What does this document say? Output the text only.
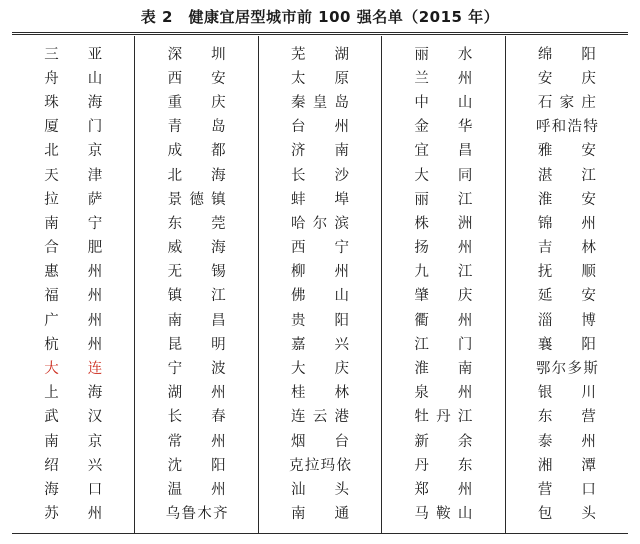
表 2　健康宜居型城市前 100 强名单（2015 年）
三亚
舟山
珠海
厦门
北京
天津
拉萨
南宁
合肥
惠州
福州
广州
杭州
大连
上海
武汉
南京
绍兴
海口
苏州
深圳
西安
重庆
青岛
成都
北海
景德镇
东莞
威海
无锡
镇江
南昌
昆明
宁波
湖州
长春
常州
沈阳
温州
乌鲁木齐
芜湖
太原
秦皇岛
台州
济南
长沙
蚌埠
哈尔滨
西宁
柳州
佛山
贵阳
嘉兴
大庆
桂林
连云港
烟台
克拉玛依
汕头
南通
丽水
兰州
中山
金华
宜昌
大同
丽江
株洲
扬州
九江
肇庆
衢州
江门
淮南
泉州
牡丹江
新余
丹东
郑州
马鞍山
绵阳
安庆
石家庄
呼和浩特
雅安
湛江
淮安
锦州
吉林
抚顺
延安
淄博
襄阳
鄂尔多斯
银川
东营
泰州
湘潭
营口
包头
